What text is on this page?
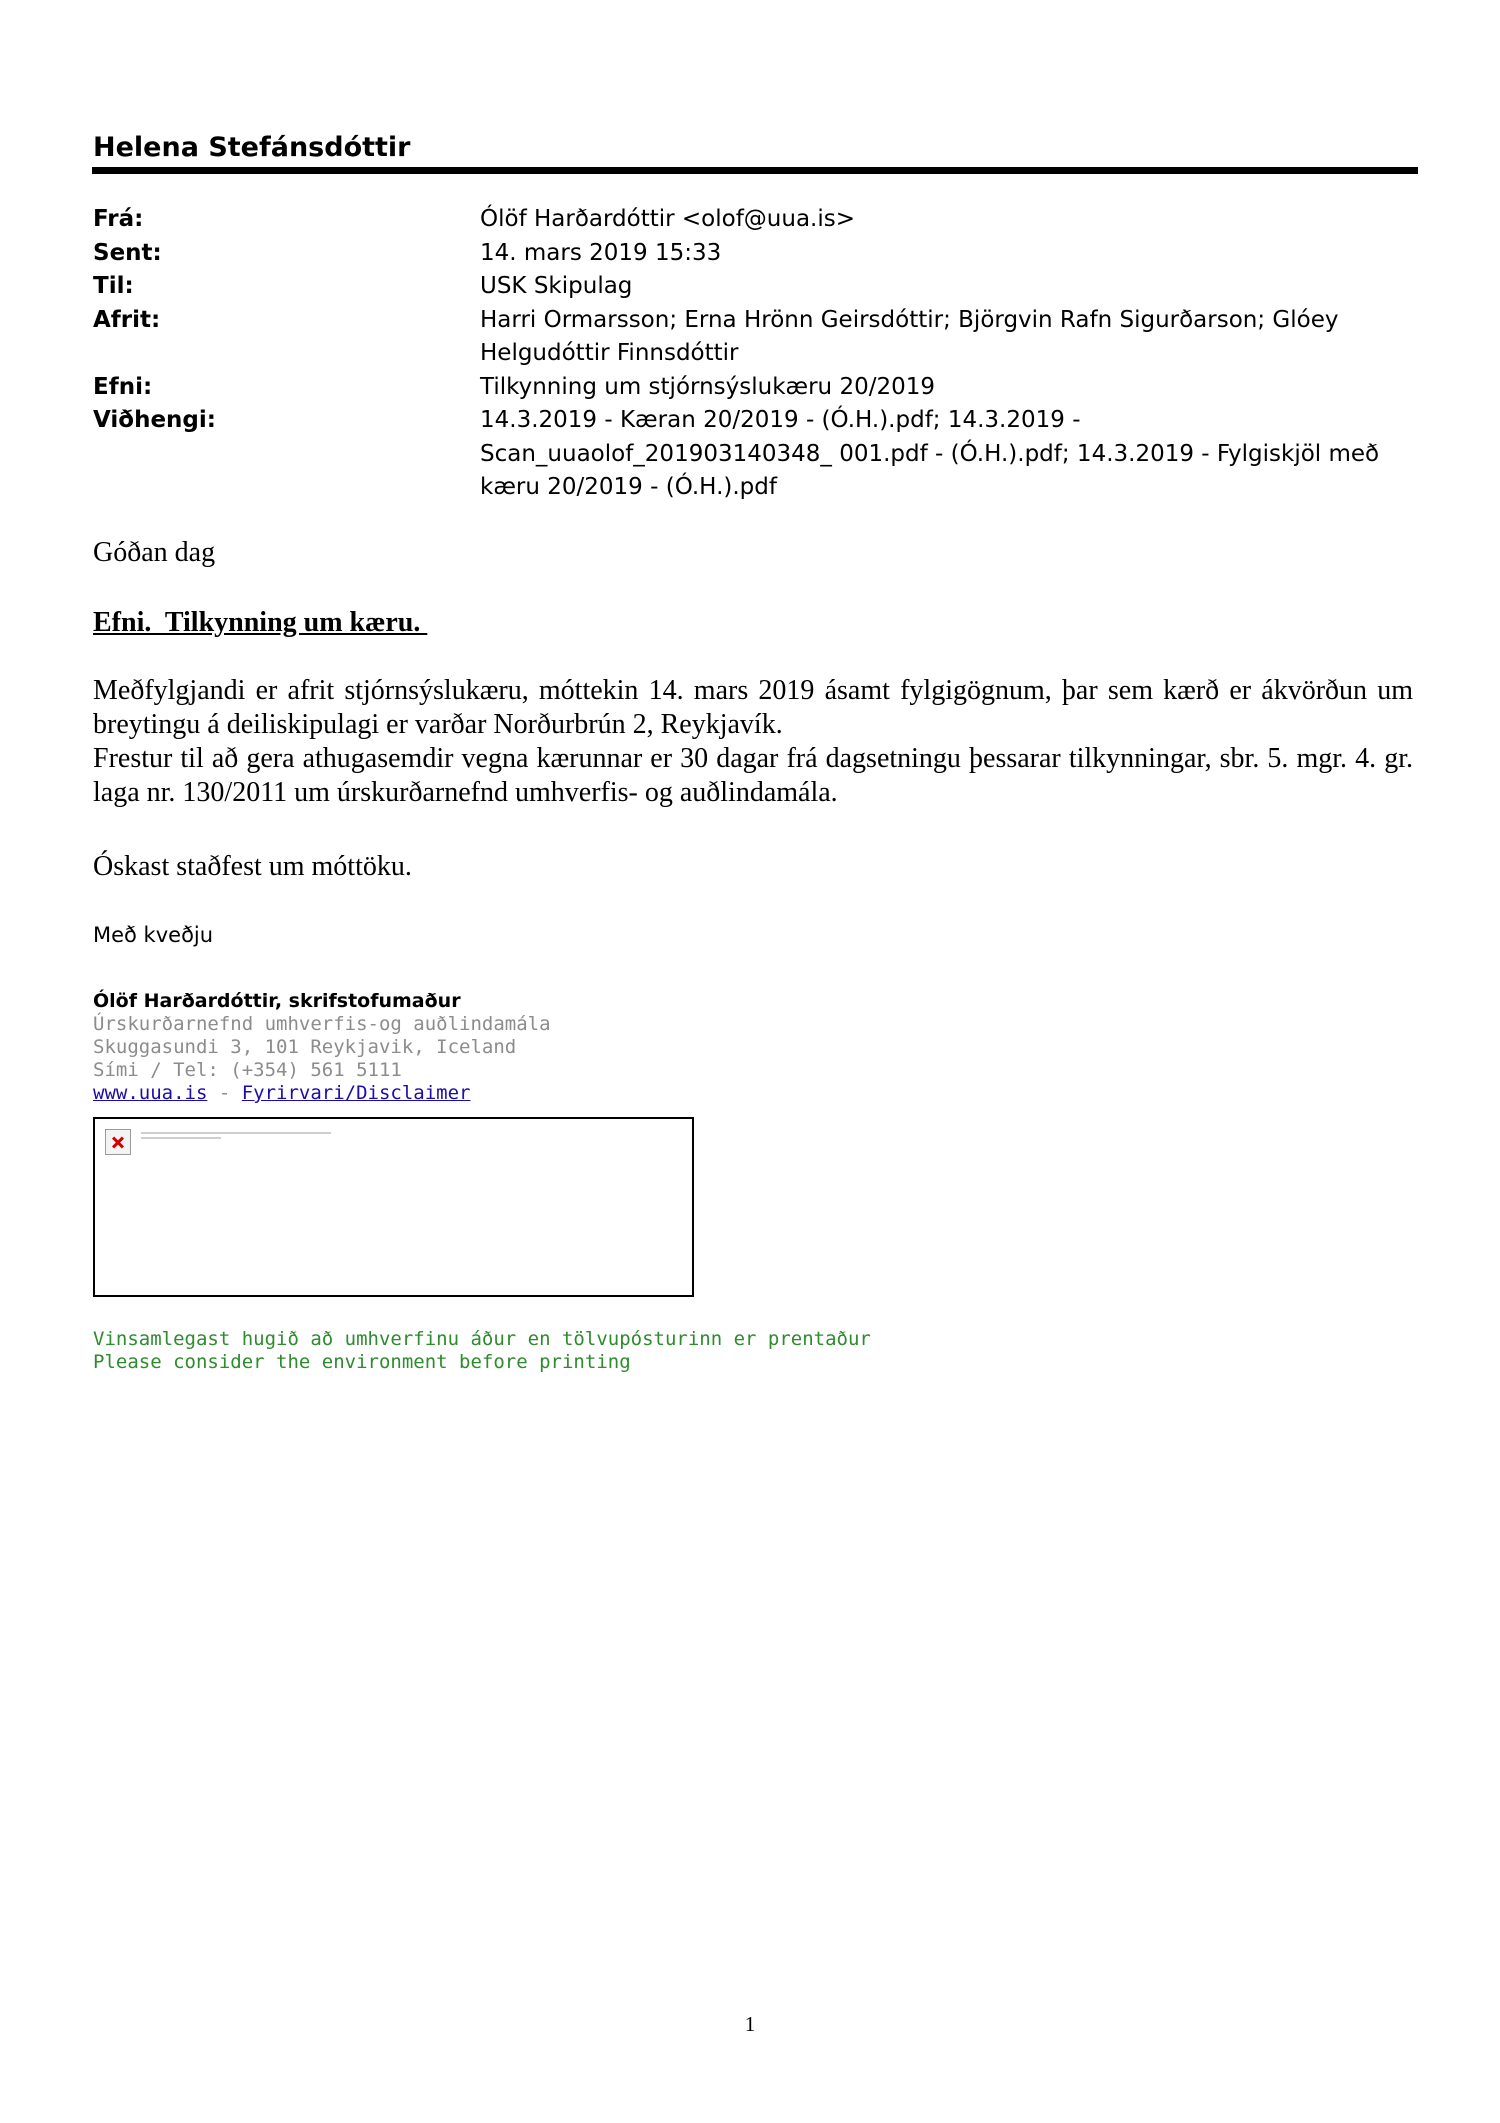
Helena Stefánsdóttir
Frá:	Ólöf Harðardóttir <olof@uua.is>
Sent:	14. mars 2019 15:33
Til:	USK Skipulag
Afrit:	Harri Ormarsson; Erna Hrönn Geirsdóttir; Björgvin Rafn Sigurðarson; Glóey Helgudóttir Finnsdóttir
Efni:	Tilkynning um stjórnsýslukæru 20/2019
Viðhengi:	14.3.2019 - Kæran 20/2019 - (Ó.H.).pdf; 14.3.2019 - Scan_uuaolof_201903140348_ 001.pdf - (Ó.H.).pdf; 14.3.2019 - Fylgiskjöl með kæru 20/2019 - (Ó.H.).pdf
Góðan dag
Efni.  Tilkynning um kæru.

Meðfylgjandi er afrit stjórnsýslukæru, móttekin 14. mars 2019 ásamt fylgigögnum, þar sem kærð er ákvörðun um breytingu á deiliskipulagi er varðar Norðurbrún 2, Reykjavík.

Frestur til að gera athugasemdir vegna kærunnar er 30 dagar frá dagsetningu þessarar tilkynningar, sbr. 5. mgr. 4. gr. laga nr. 130/2011 um úrskurðarnefnd umhverfis- og auðlindamála.

Óskast staðfest um móttöku.
Með kveðju
Ólöf Harðardóttir, skrifstofumaður
Úrskurðarnefnd umhverfis-og auðlindamála
Skuggasundi 3, 101 Reykjavik, Iceland
Sími / Tel: (+354) 561 5111
www.uua.is - Fyrirvari/Disclaimer
Vinsamlegast hugið að umhverfinu áður en tölvupósturinn er prentaður
Please consider the environment before printing
1
